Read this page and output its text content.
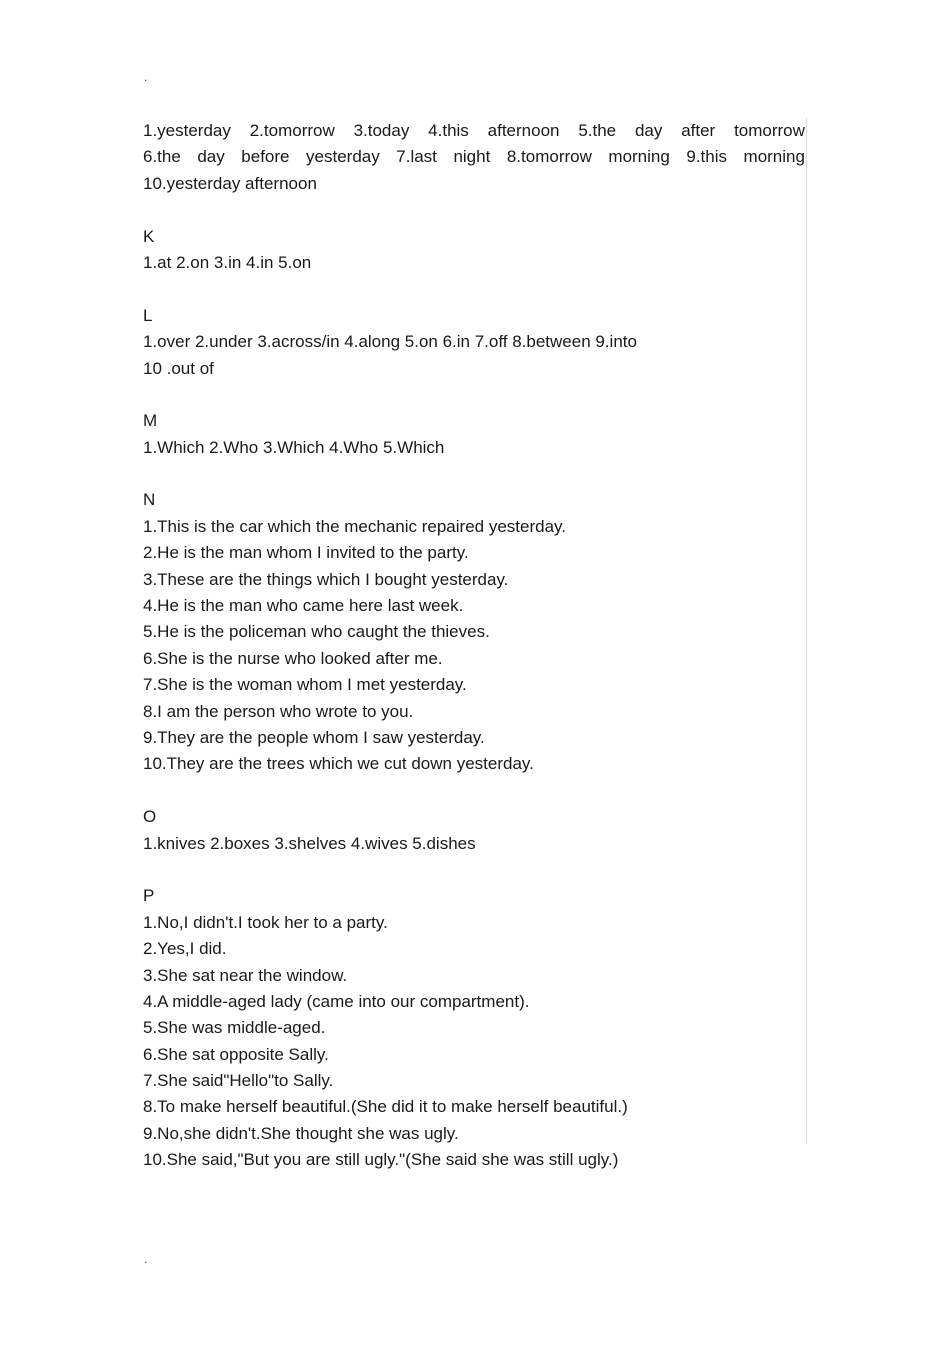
.
1.yesterday 2.tomorrow 3.today 4.this afternoon 5.the day after tomorrow
6.the day before yesterday 7.last night 8.tomorrow morning 9.this morning
10.yesterday afternoon
K
1.at 2.on 3.in 4.in 5.on
L
1.over 2.under 3.across/in 4.along 5.on 6.in 7.off 8.between 9.into
10 .out of
M
1.Which 2.Who 3.Which 4.Who 5.Which
N
1.This is the car which the mechanic repaired yesterday.
2.He is the man whom I invited to the party.
3.These are the things which I bought yesterday.
4.He is the man who came here last week.
5.He is the policeman who caught the thieves.
6.She is the nurse who looked after me.
7.She is the woman whom I met yesterday.
8.I am the person who wrote to you.
9.They are the people whom I saw yesterday.
10.They are the trees which we cut down yesterday.
O
1.knives 2.boxes 3.shelves 4.wives 5.dishes
P
1.No,I didn't.I took her to a party.
2.Yes,I did.
3.She sat near the window.
4.A middle-aged lady (came into our compartment).
5.She was middle-aged.
6.She sat opposite Sally.
7.She said"Hello"to Sally.
8.To make herself beautiful.(She did it to make herself beautiful.)
9.No,she didn't.She thought she was ugly.
10.She said,"But you are still ugly."(She said she was still ugly.)
.
